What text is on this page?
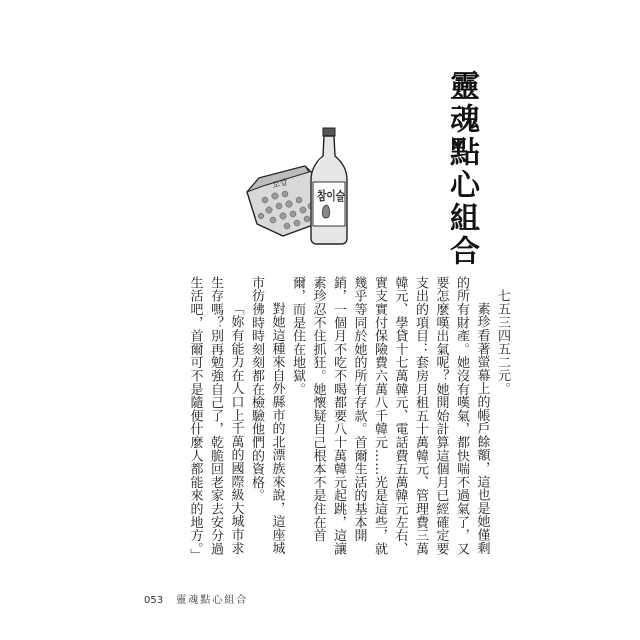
靈魂點心組合
꼬깔
참이슬

七五三四五二元。

素珍看著螢幕上的帳戶餘額，這也是她僅剩的所有財產。她沒有嘆氣，都快喘不過氣了，又要怎麼嘆出氣呢？她開始計算這個月已經確定要支出的項目：套房月租五十萬韓元、管理費三萬韓元、學貸十七萬韓元、電話費五萬韓元左右、實支實付保險費六萬八千韓元……光是這些，就幾乎等同於她的所有存款。首爾生活的基本開銷，一個月不吃不喝都要八十萬韓元起跳，這讓素珍忍不住抓狂。她懷疑自己根本不是住在首爾，而是住在地獄。

對她這種來自外縣市的北漂族來說，這座城市彷彿時時刻刻都在檢驗他們的資格。

「妳有能力在人口上千萬的國際級大城市求生存嗎？別再勉強自己了，乾脆回老家去安分過生活吧，首爾可不是隨便什麼人都能來的地方。」

053 靈魂點心組合
